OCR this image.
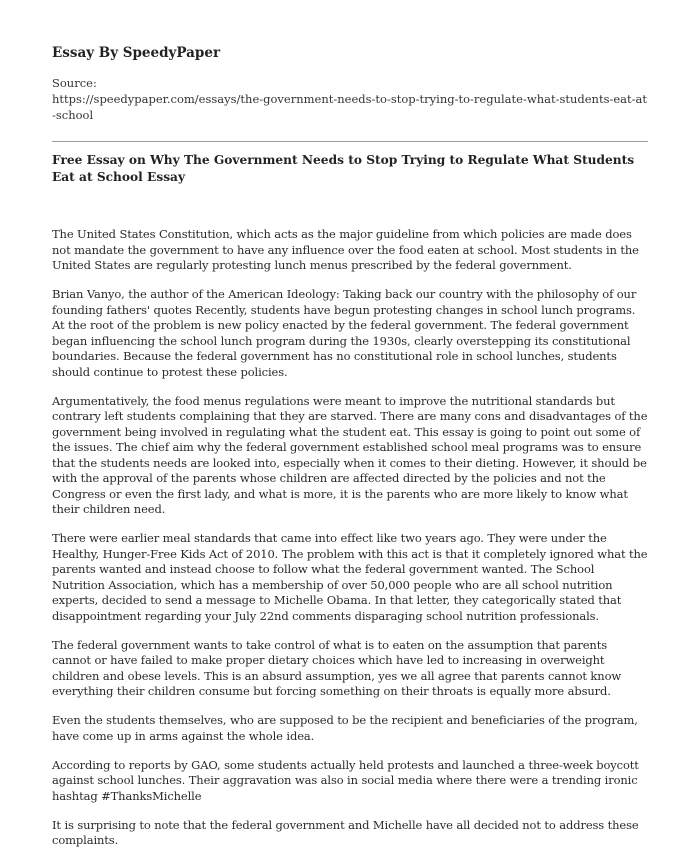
Essay By SpeedyPaper

Source:

https://speedypaper.com/essays/the-government-needs-to-stop-trying-to-regulate-what-students-eat-at-school

Free Essay on Why The Government Needs to Stop Trying to Regulate What Students Eat at School Essay

The United States Constitution, which acts as the major guideline from which policies are made does not mandate the government to have any influence over the food eaten at school. Most students in the United States are regularly protesting lunch menus prescribed by the federal government.

Brian Vanyo, the author of the American Ideology: Taking back our country with the philosophy of our founding fathers' quotes Recently, students have begun protesting changes in school lunch programs. At the root of the problem is new policy enacted by the federal government. The federal government began influencing the school lunch program during the 1930s, clearly overstepping its constitutional boundaries. Because the federal government has no constitutional role in school lunches, students should continue to protest these policies.

Argumentatively, the food menus regulations were meant to improve the nutritional standards but contrary left students complaining that they are starved. There are many cons and disadvantages of the government being involved in regulating what the student eat. This essay is going to point out some of the issues. The chief aim why the federal government established school meal programs was to ensure that the students needs are looked into, especially when it comes to their dieting. However, it should be with the approval of the parents whose children are affected directed by the policies and not the Congress or even the first lady, and what is more, it is the parents who are more likely to know what their children need.

There were earlier meal standards that came into effect like two years ago. They were under the Healthy, Hunger-Free Kids Act of 2010. The problem with this act is that it completely ignored what the parents wanted and instead choose to follow what the federal government wanted. The School Nutrition Association, which has a membership of over 50,000 people who are all school nutrition experts, decided to send a message to Michelle Obama. In that letter, they categorically stated that disappointment regarding your July 22nd comments disparaging school nutrition professionals.

The federal government wants to take control of what is to eaten on the assumption that parents cannot or have failed to make proper dietary choices which have led to increasing in overweight children and obese levels. This is an absurd assumption, yes we all agree that parents cannot know everything their children consume but forcing something on their throats is equally more absurd.

Even the students themselves, who are supposed to be the recipient and beneficiaries of the program, have come up in arms against the whole idea.

According to reports by GAO, some students actually held protests and launched a three-week boycott against school lunches. Their aggravation was also in social media where there were a trending ironic hashtag #ThanksMichelle

It is surprising to note that the federal government and Michelle have all decided not to address these complaints.
